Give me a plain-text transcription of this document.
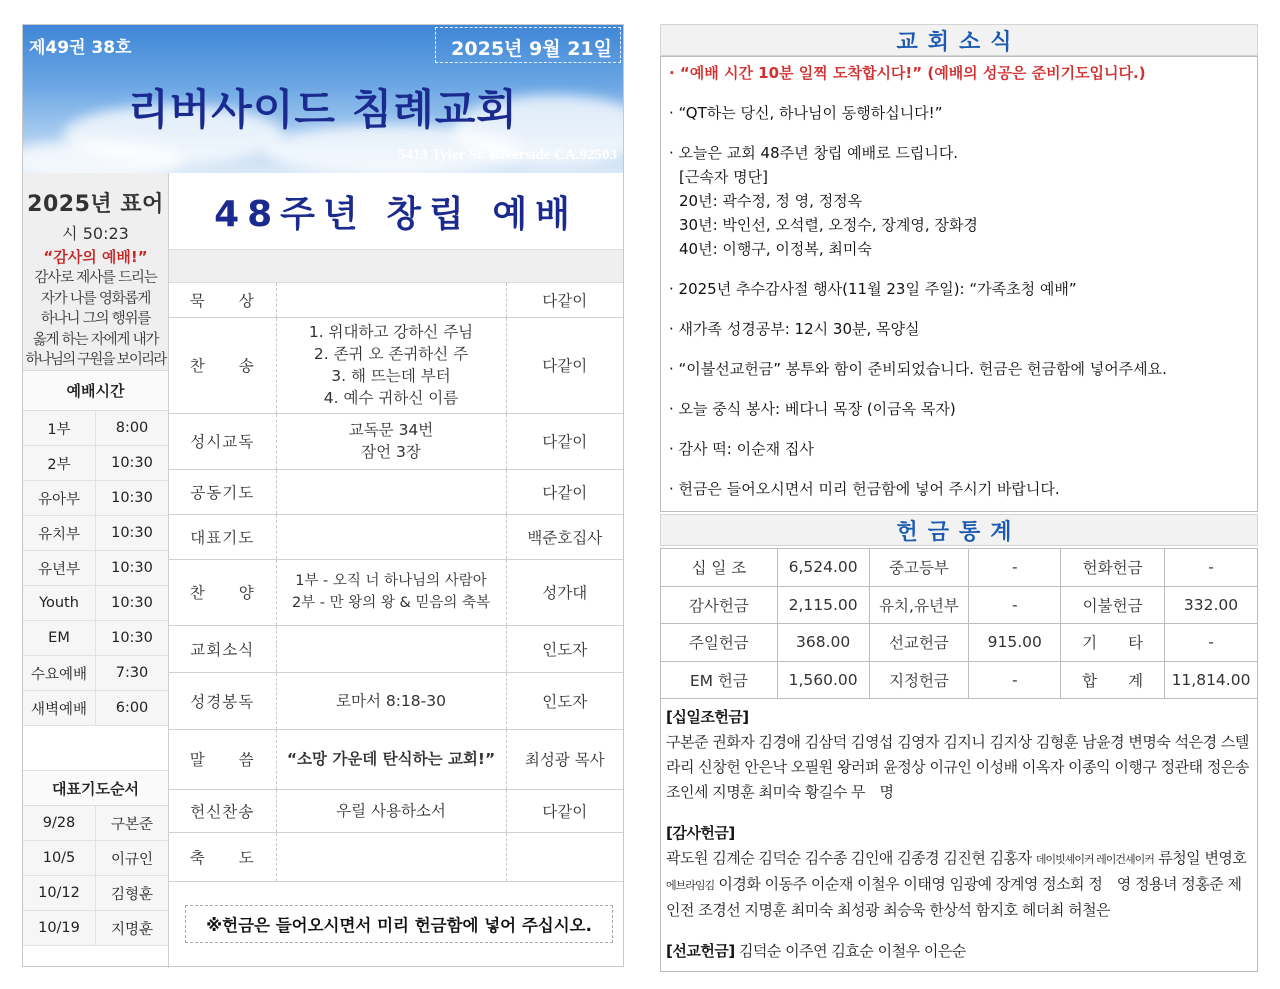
제49권 38호	2025년 9월 21일
리버사이드 침례교회
5413 Tyler St. Riverside CA.92503
2025년 표어
시 50:23
“감사의 예배!”
감사로 제사를 드리는
자가 나를 영화롭게
하나니 그의 행위를
옳게 하는 자에게 내가
하나님의 구원을 보이리라
예배시간
1부	8:00
2부	10:30
유아부	10:30
유치부	10:30
유년부	10:30
Youth	10:30
EM	10:30
수요예배	7:30
새벽예배	6:00
대표기도순서
9/28	구본준
10/5	이규인
10/12	김형훈
10/19	지명훈
48주년 창립 예배
묵　　상		다같이
찬　　송	1. 위대하고 강하신 주님
2. 존귀 오 존귀하신 주
3. 해 뜨는데 부터
4. 예수 귀하신 이름	다같이
성시교독	교독문 34번
잠언 3장	다같이
공동기도		다같이
대표기도		백준호집사
찬　　양	1부 - 오직 너 하나님의 사람아
2부 - 만 왕의 왕 & 믿음의 축복	성가대
교회소식		인도자
성경봉독	로마서 8:18-30	인도자
말　　씀	“소망 가운데 탄식하는 교회!”	최성광 목사
헌신찬송	우릴 사용하소서	다같이
축　　도		
※헌금은 들어오시면서 미리 헌금함에 넣어 주십시오.
교회소식
· “예배 시간 10분 일찍 도착합시다!” (예배의 성공은 준비기도입니다.)
· “QT하는 당신, 하나님이 동행하십니다!”
· 오늘은 교회 48주년 창립 예배로 드립니다.
[근속자 명단]
20년: 곽수정, 정 영, 정정옥
30년: 박인선, 오석렬, 오정수, 장계영, 장화경
40년: 이행구, 이정복, 최미숙
· 2025년 추수감사절 행사(11월 23일 주일): “가족초청 예배”
· 새가족 성경공부: 12시 30분, 목양실
· “이불선교헌금” 봉투와 함이 준비되었습니다. 헌금은 헌금함에 넣어주세요.
· 오늘 중식 봉사: 베다니 목장 (이금옥 목자)
· 감사 떡: 이순재 집사
· 헌금은 들어오시면서 미리 헌금함에 넣어 주시기 바랍니다.
헌금통계
십 일 조	6,524.00	중고등부	-	헌화헌금	-
감사헌금	2,115.00	유치,유년부	-	이불헌금	332.00
주일헌금	368.00	선교헌금	915.00	기　　타	-
EM 헌금	1,560.00	지정헌금	-	합　　계	11,814.00
[십일조헌금]
구본준 권화자 김경애 김삼덕 김영섭 김영자 김지니 김지상 김형훈 남윤경 변명숙 석은경 스텔라리 신창헌 안은낙 오필원 왕러퍼 윤정상 이규인 이성배 이옥자 이종익 이행구 정관태 정은송 조인세 지명훈 최미숙 황길수 무　명
[감사헌금]
곽도원 김계순 김덕순 김수종 김인애 김종경 김진현 김홍자 데이빗셰이커 레이건셰이커 류청일 변영호 에브라임김 이경화 이동주 이순재 이철우 이태영 임광예 장계영 정소회 정　영 정용녀 정홍준 제인전 조경선 지명훈 최미숙 최성광 최승욱 한상석 함지호 헤더최 허철은
[선교헌금] 김덕순 이주연 김효순 이철우 이은순
